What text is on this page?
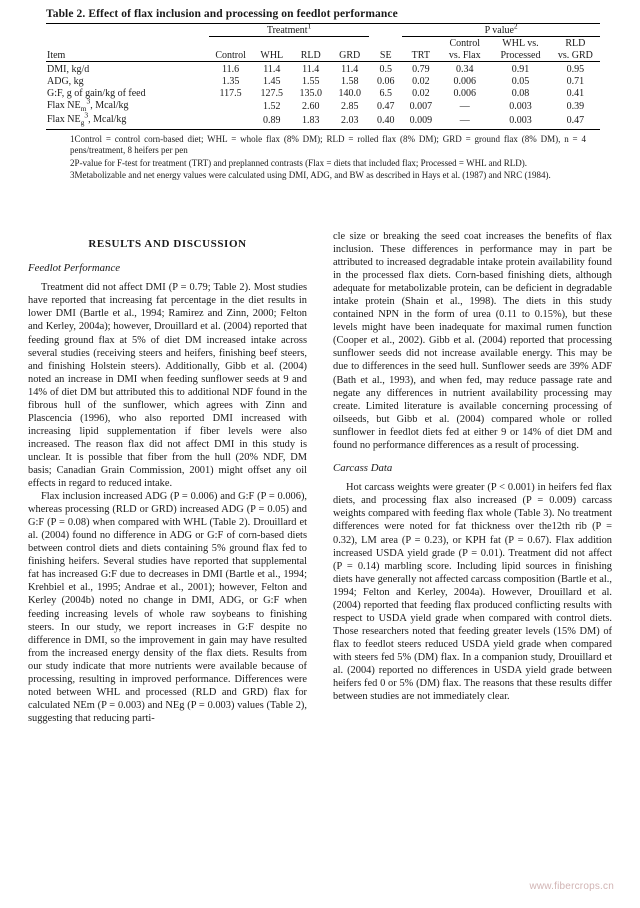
Table 2. Effect of flax inclusion and processing on feedlot performance
	Treatment$^1$					P value$^2$
							Control	WHL vs.	RLD
Item	Control	WHL	RLD	GRD	SE	TRT	vs. Flax	Processed	vs. GRD
DMI, kg/d	11.6	11.4	11.4	11.4	0.5	0.79	0.34	0.91	0.95
ADG, kg	1.35	1.45	1.55	1.58	0.06	0.02	0.006	0.05	0.71
G:F, g of gain/kg of feed	117.5	127.5	135.0	140.0	6.5	0.02	0.006	0.08	0.41
Flax $NE_m^3$, Mcal/kg		1.52	2.60	2.85	0.47	0.007	—	0.003	0.39
Flax $NE_g^3$, Mcal/kg		0.89	1.83	2.03	0.40	0.009	—	0.003	0.47

1Control = control corn-based diet; WHL = whole flax (8% DM); RLD = rolled flax (8% DM); GRD = ground flax (8% DM), n = 4 pens/treatment, 8 heifers per pen

2P-value for F-test for treatment (TRT) and preplanned contrasts (Flax = diets that included flax; Processed = WHL and RLD).

3Metabolizable and net energy values were calculated using DMI, ADG, and BW as described in Hays et al. (1987) and NRC (1984).

RESULTS AND DISCUSSION
Feedlot Performance

Treatment did not affect DMI (P = 0.79; Table 2). Most studies have reported that increasing fat percentage in the diet results in lower DMI (Bartle et al., 1994; Ramirez and Zinn, 2000; Felton and Kerley, 2004a); however, Drouillard et al. (2004) reported that feeding ground flax at 5% of diet DM increased intake across several studies (receiving steers and heifers, finishing beef steers, and finishing Holstein steers). Additionally, Gibb et al. (2004) noted an increase in DMI when feeding sunflower seeds at 9 and 14% of diet DM but attributed this to additional NDF found in the fibrous hull of the sunflower, which agrees with Zinn and Plascencia (1996), who also reported DMI increased with increasing lipid supplementation if fiber levels were also increased. The reason flax did not affect DMI in this study is unclear. It is possible that fiber from the hull (20% NDF, DM basis; Canadian Grain Commission, 2001) might offset any oil effects in regard to reduced intake.

Flax inclusion increased ADG (P = 0.006) and G:F (P = 0.006), whereas processing (RLD or GRD) increased ADG (P = 0.05) and G:F (P = 0.08) when compared with WHL (Table 2). Drouillard et al. (2004) found no difference in ADG or G:F of corn-based diets between control diets and diets containing 5% ground flax fed to finishing heifers. Several studies have reported that supplemental fat has increased G:F due to decreases in DMI (Bartle et al., 1994; Krehbiel et al., 1995; Andrae et al., 2001); however, Felton and Kerley (2004b) noted no change in DMI, ADG, or G:F when feeding increasing levels of whole raw soybeans to finishing steers. In our study, we report increases in G:F despite no difference in DMI, so the improvement in gain may have resulted from the increased energy density of the flax diets. Results from our study indicate that more nutrients were available because of processing, resulting in improved performance. Differences were noted between WHL and processed (RLD and GRD) flax for calculated NEm (P = 0.003) and NEg (P = 0.003) values (Table 2), suggesting that reducing parti-

cle size or breaking the seed coat increases the benefits of flax inclusion. These differences in performance may in part be attributed to increased degradable intake protein availability found in the processed flax diets. Corn-based finishing diets, although adequate for metabolizable protein, can be deficient in degradable intake protein (Shain et al., 1998). The diets in this study contained NPN in the form of urea (0.11 to 0.15%), but these levels might have been inadequate for maximal rumen function (Cooper et al., 2002). Gibb et al. (2004) reported that processing sunflower seeds did not increase available energy. This may be due to differences in the seed hull. Sunflower seeds are 39% ADF (Bath et al., 1993), and when fed, may reduce passage rate and negate any differences in nutrient availability processing may create. Limited literature is available concerning processing of oilseeds, but Gibb et al. (2004) compared whole or rolled sunflower in feedlot diets fed at either 9 or 14% of diet DM and found no performance differences as a result of processing.

Carcass Data

Hot carcass weights were greater (P < 0.001) in heifers fed flax diets, and processing flax also increased (P = 0.009) carcass weights compared with feeding flax whole (Table 3). No treatment differences were noted for fat thickness over the12th rib (P = 0.32), LM area (P = 0.23), or KPH fat (P = 0.67). Flax addition increased USDA yield grade (P = 0.01). Treatment did not affect (P = 0.14) marbling score. Including lipid sources in finishing diets have generally not affected carcass composition (Bartle et al., 1994; Felton and Kerley, 2004a). However, Drouillard et al. (2004) reported that feeding flax produced conflicting results with respect to USDA yield grade when compared with control diets. Those researchers noted that feeding greater levels (15% DM) of flax to feedlot steers reduced USDA yield grade when compared with steers fed 5% (DM) flax. In a companion study, Drouillard et al. (2004) reported no differences in USDA yield grade between heifers fed 0 or 5% (DM) flax. The reasons that these results differ between studies are not immediately clear.

www.fibercrops.cn
